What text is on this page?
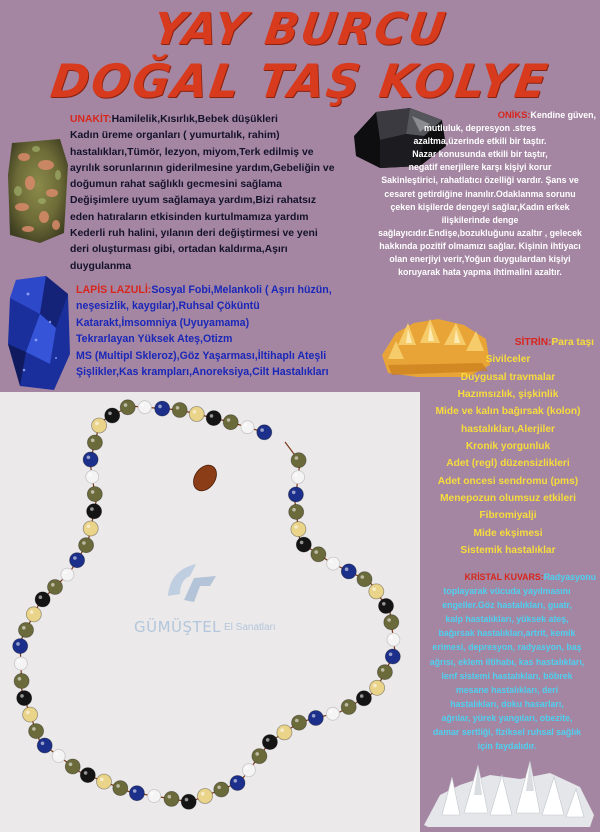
YAY BURCU
DOĞAL TAŞ KOLYE
UNAKİT:Hamilelik,Kısırlık,Bebek düşükleri
Kadın üreme organları ( yumurtalık, rahim)
hastalıkları,Tümör, lezyon, miyom,Terk edilmiş ve
ayrılık sorunlarının giderilmesine yardım,Gebeliğin ve
doğumun rahat sağlıklı gecmesini sağlama
Değişimlere uyum sağlamaya yardım,Bizi rahatsız
eden hatıraların etkisinden kurtulmamıza yardım
Kederli ruh halini, yılanın deri değiştirmesi ve yeni
deri oluşturması gibi, ortadan kaldırma,Aşırı
duygulanma
ONİKS:Kendine güven,
mutluluk, depresyon .stres
azaltma,üzerinde etkili bir taştır.
Nazar konusunda etkili bir taştır,
negatif enerjilere karşı kişiyi korur
Sakinleştirici, rahatlatıcı özelliği vardır. Şans ve
cesaret getirdiğine inanılır.Odaklanma sorunu
çeken kişilerde dengeyi sağlar,Kadın erkek
ilişkilerinde denge
sağlayıcıdır.Endişe,bozukluğunu azaltır , gelecek
hakkında pozitif olmamızı sağlar. Kişinin ihtiyacı
olan enerjiyi verir,Yoğun duygulardan kişiyi
koruyarak hata yapma ihtimalini azaltır.
LAPİS LAZULİ:Sosyal Fobi,Melankoli ( Aşırı hüzün,
neşesizlik, kaygılar),Ruhsal Çöküntü
Katarakt,İmsomniya (Uyuyamama)
Tekrarlayan Yüksek Ateş,Otizm
MS (Multipl Skleroz),Göz Yaşarması,İltihaplı Ateşli
Şişlikler,Kas krampları,Anoreksiya,Cilt Hastalıkları
SİTRİN:Para taşı
Sivilceler
Duygusal travmalar
Hazımsızlık, şişkinlik
Mide ve kalın bağırsak (kolon)
hastalıkları,Alerjiler
Kronik yorgunluk
Adet (regl) düzensizlikleri
Adet oncesi sendromu (pms)
Menepozun olumsuz etkileri
Fibromiyalji
Mide ekşimesi
Sistemik hastalıklar
KRİSTAL KUVARS:Radyasyonu
toplayarak vücuda yayılmasını
engeller.Göz hastalıkları, guatr,
kalp hastalıkları, yüksek ateş,
bağırsak hastalıkları,artrit, kemik
erimesi, depresyon, radyasyon, baş
ağrısı, eklem iltihabı, kas hastalıkları,
lenf sistemi hastalıkları, böbrek
mesane hastalıkları, deri
hastalıkları, doku hasarları,
ağrılar, yürek yangıları, obezite,
damar sertliği, fiziksel ruhsal sağlık
için faydalıdır.
GÜMÜŞTEL El Sanatları
